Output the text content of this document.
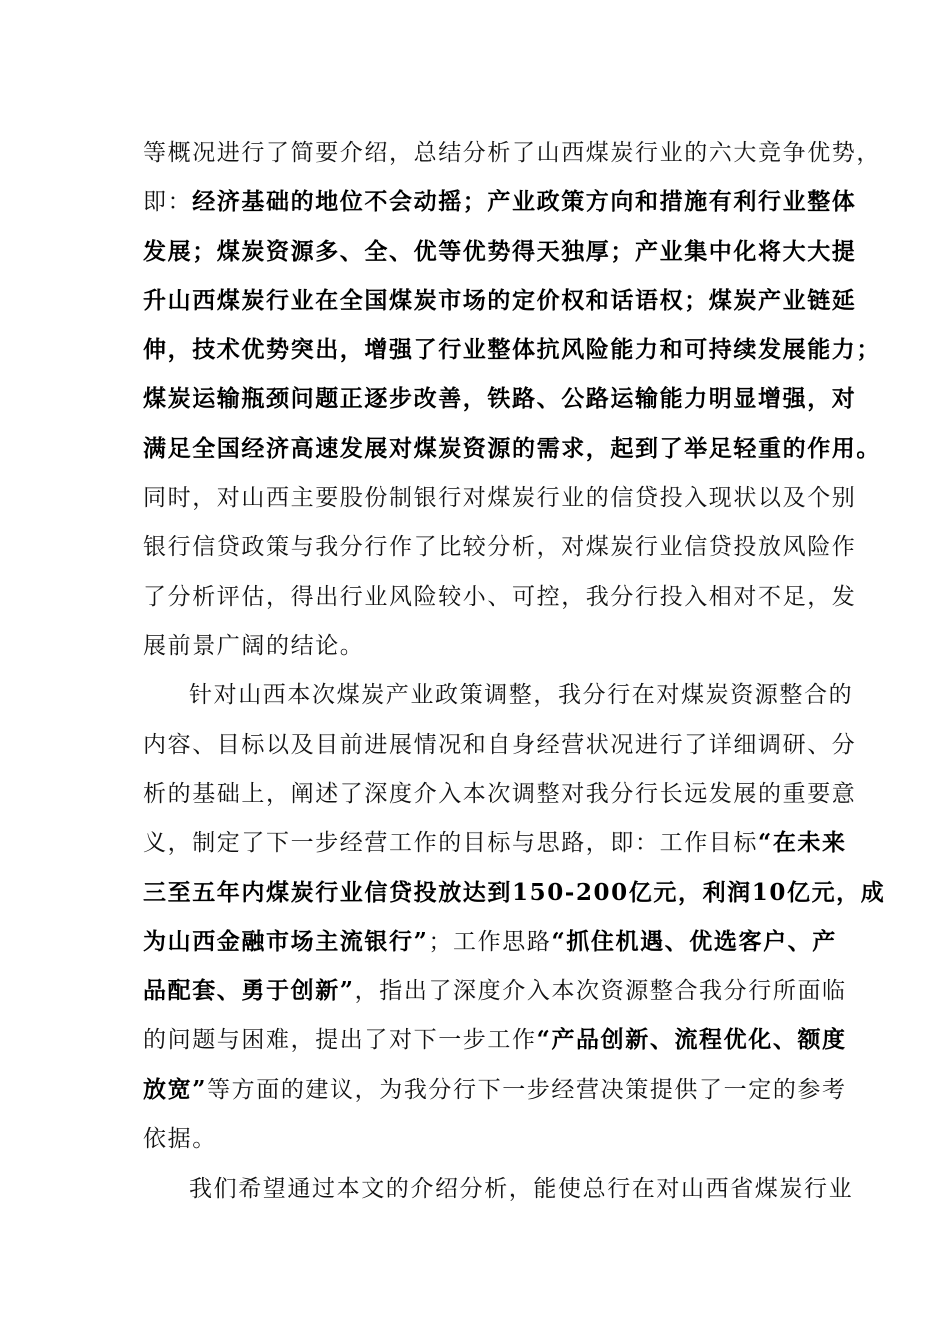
等概况进行了简要介绍，总结分析了山西煤炭行业的六大竞争优势，
即：经济基础的地位不会动摇；产业政策方向和措施有利行业整体
发展；煤炭资源多、全、优等优势得天独厚；产业集中化将大大提
升山西煤炭行业在全国煤炭市场的定价权和话语权；煤炭产业链延
伸，技术优势突出，增强了行业整体抗风险能力和可持续发展能力；
煤炭运输瓶颈问题正逐步改善，铁路、公路运输能力明显增强，对
满足全国经济高速发展对煤炭资源的需求，起到了举足轻重的作用。
同时，对山西主要股份制银行对煤炭行业的信贷投入现状以及个别
银行信贷政策与我分行作了比较分析，对煤炭行业信贷投放风险作
了分析评估，得出行业风险较小、可控，我分行投入相对不足，发
展前景广阔的结论。
针对山西本次煤炭产业政策调整，我分行在对煤炭资源整合的
内容、目标以及目前进展情况和自身经营状况进行了详细调研、分
析的基础上，阐述了深度介入本次调整对我分行长远发展的重要意
义，制定了下一步经营工作的目标与思路，即：工作目标“在未来
三至五年内煤炭行业信贷投放达到150-200亿元，利润10亿元，成
为山西金融市场主流银行”；工作思路“抓住机遇、优选客户、产
品配套、勇于创新”，指出了深度介入本次资源整合我分行所面临
的问题与困难，提出了对下一步工作“产品创新、流程优化、额度
放宽”等方面的建议，为我分行下一步经营决策提供了一定的参考
依据。
我们希望通过本文的介绍分析，能使总行在对山西省煤炭行业
